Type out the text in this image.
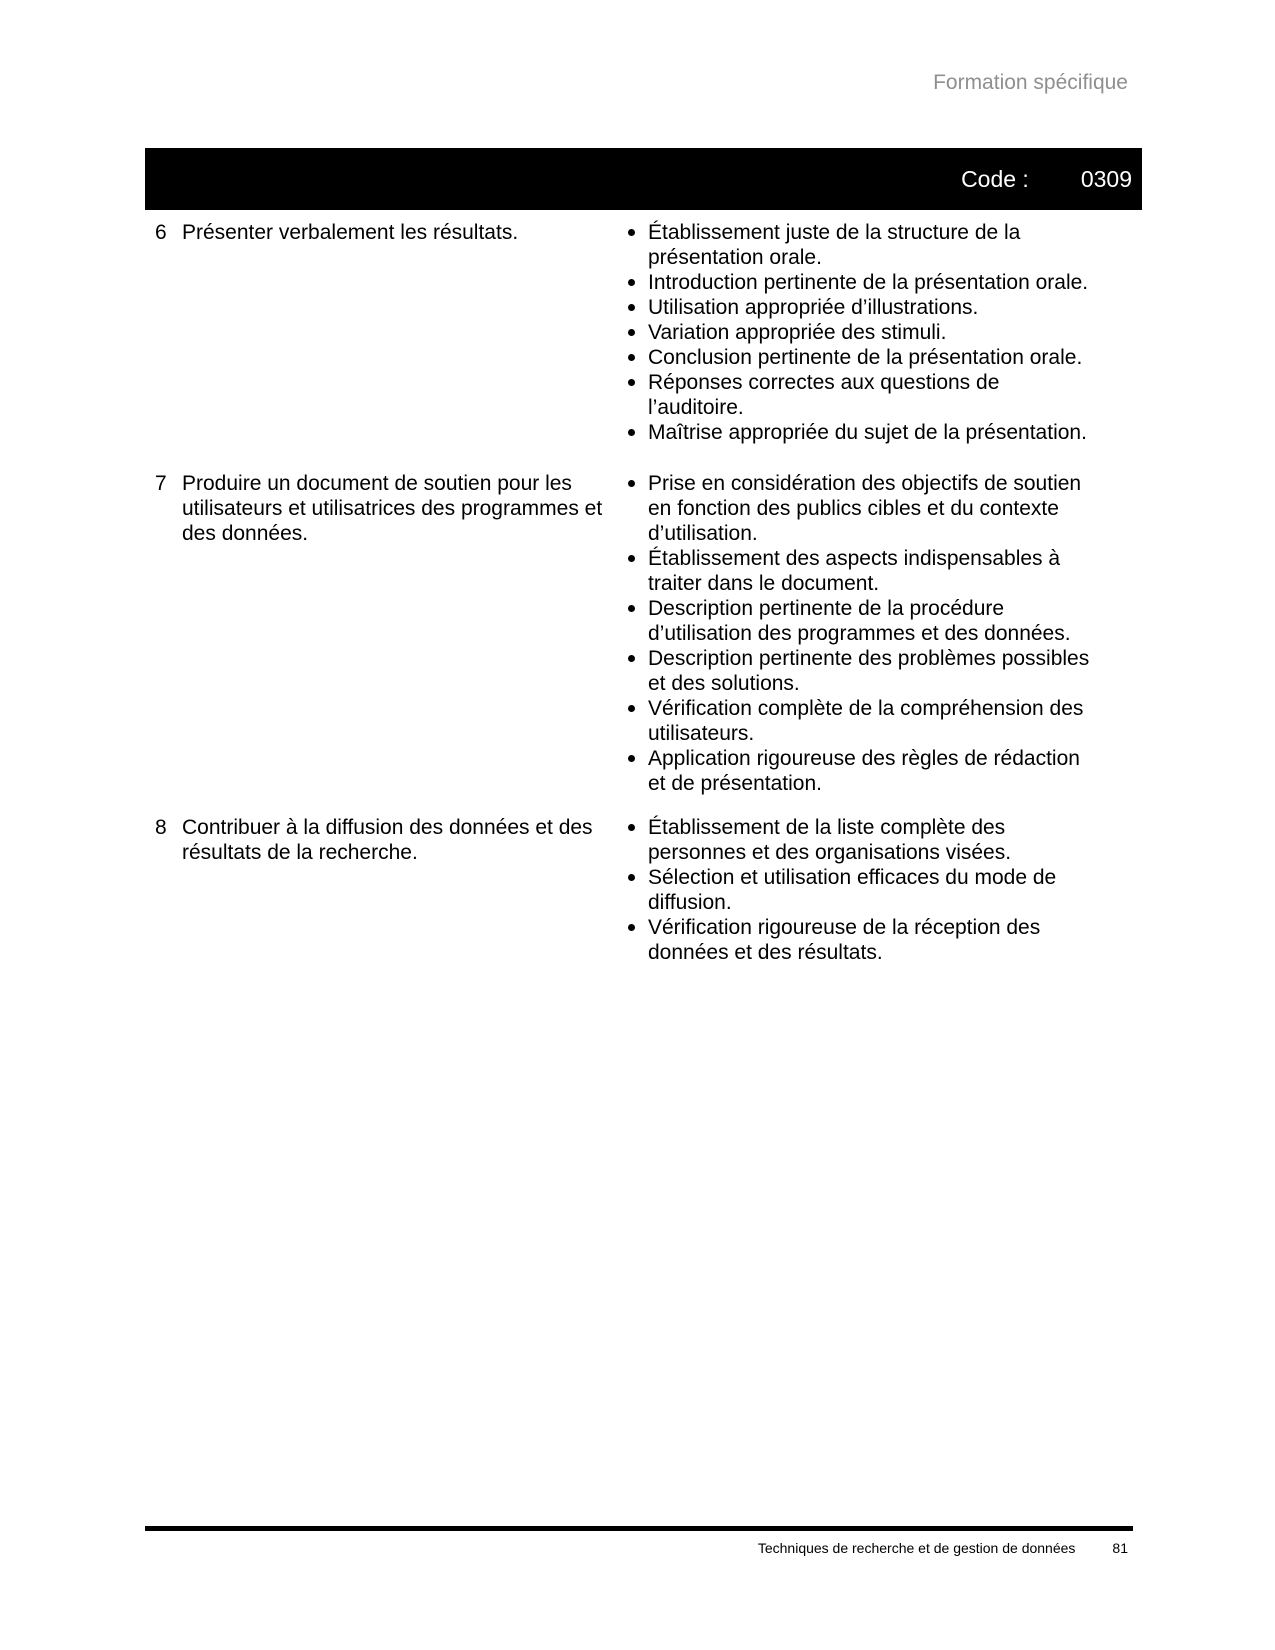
Formation spécifique
Code : 0309
6 Présenter verbalement les résultats.	Établissement juste de la structure de la présentation orale.
Introduction pertinente de la présentation orale.
Utilisation appropriée d’illustrations.
Variation appropriée des stimuli.
Conclusion pertinente de la présentation orale.
Réponses correctes aux questions de l’auditoire.
Maîtrise appropriée du sujet de la présentation.
7 Produire un document de soutien pour les utilisateurs et utilisatrices des programmes et des données.
Prise en considération des objectifs de soutien en fonction des publics cibles et du contexte d’utilisation.
Établissement des aspects indispensables à traiter dans le document.
Description pertinente de la procédure d’utilisation des programmes et des données.
Description pertinente des problèmes possibles et des solutions.
Vérification complète de la compréhension des utilisateurs.
Application rigoureuse des règles de rédaction et de présentation.
8 Contribuer à la diffusion des données et des résultats de la recherche.
Établissement de la liste complète des personnes et des organisations visées.
Sélection et utilisation efficaces du mode de diffusion.
Vérification rigoureuse de la réception des données et des résultats.
Techniques de recherche et de gestion de données	81
